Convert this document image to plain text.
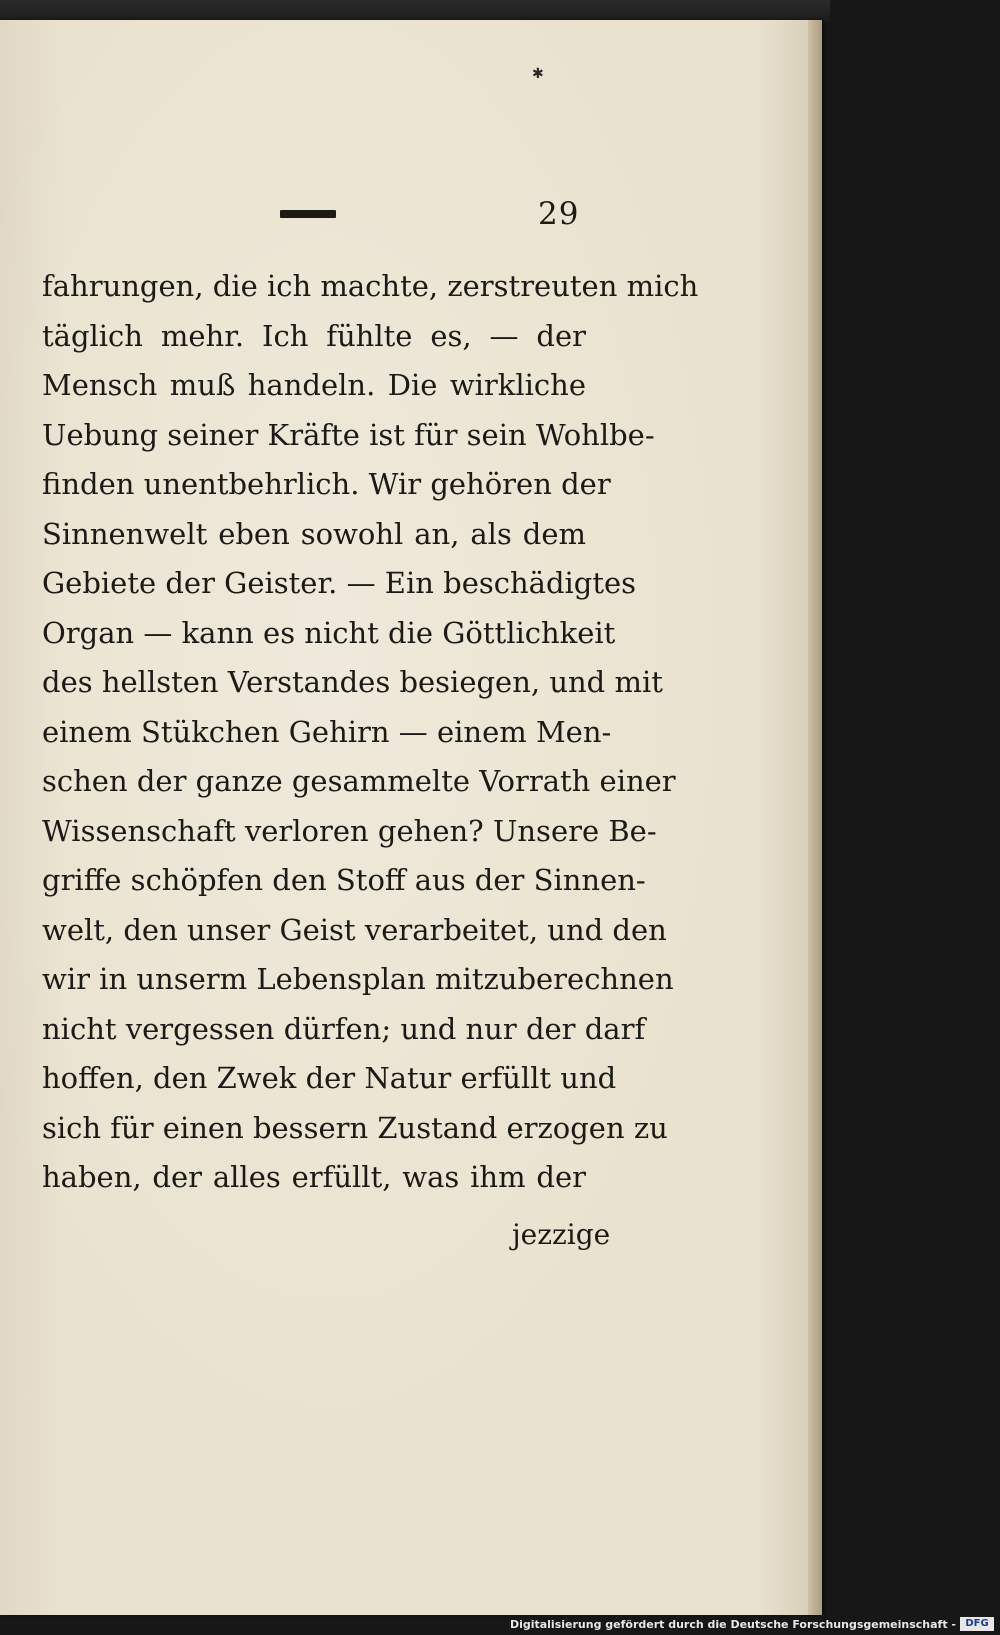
29
✱
fahrungen, die ich machte, zerstreuten mich
täglich mehr. Ich fühlte es, — der
Mensch muß handeln. Die wirkliche
Uebung seiner Kräfte ist für sein Wohlbe-
finden unentbehrlich. Wir gehören der
Sinnenwelt eben sowohl an, als dem
Gebiete der Geister. — Ein beschädigtes
Organ — kann es nicht die Göttlichkeit
des hellsten Verstandes besiegen, und mit
einem Stükchen Gehirn — einem Men-
schen der ganze gesammelte Vorrath einer
Wissenschaft verloren gehen? Unsere Be-
griffe schöpfen den Stoff aus der Sinnen-
welt, den unser Geist verarbeitet, und den
wir in unserm Lebensplan mitzuberechnen
nicht vergessen dürfen; und nur der darf
hoffen, den Zwek der Natur erfüllt und
sich für einen bessern Zustand erzogen zu
haben, der alles erfüllt, was ihm der
jezzige
Digitalisierung gefördert durch die Deutsche Forschungsgemeinschaft - DFG
